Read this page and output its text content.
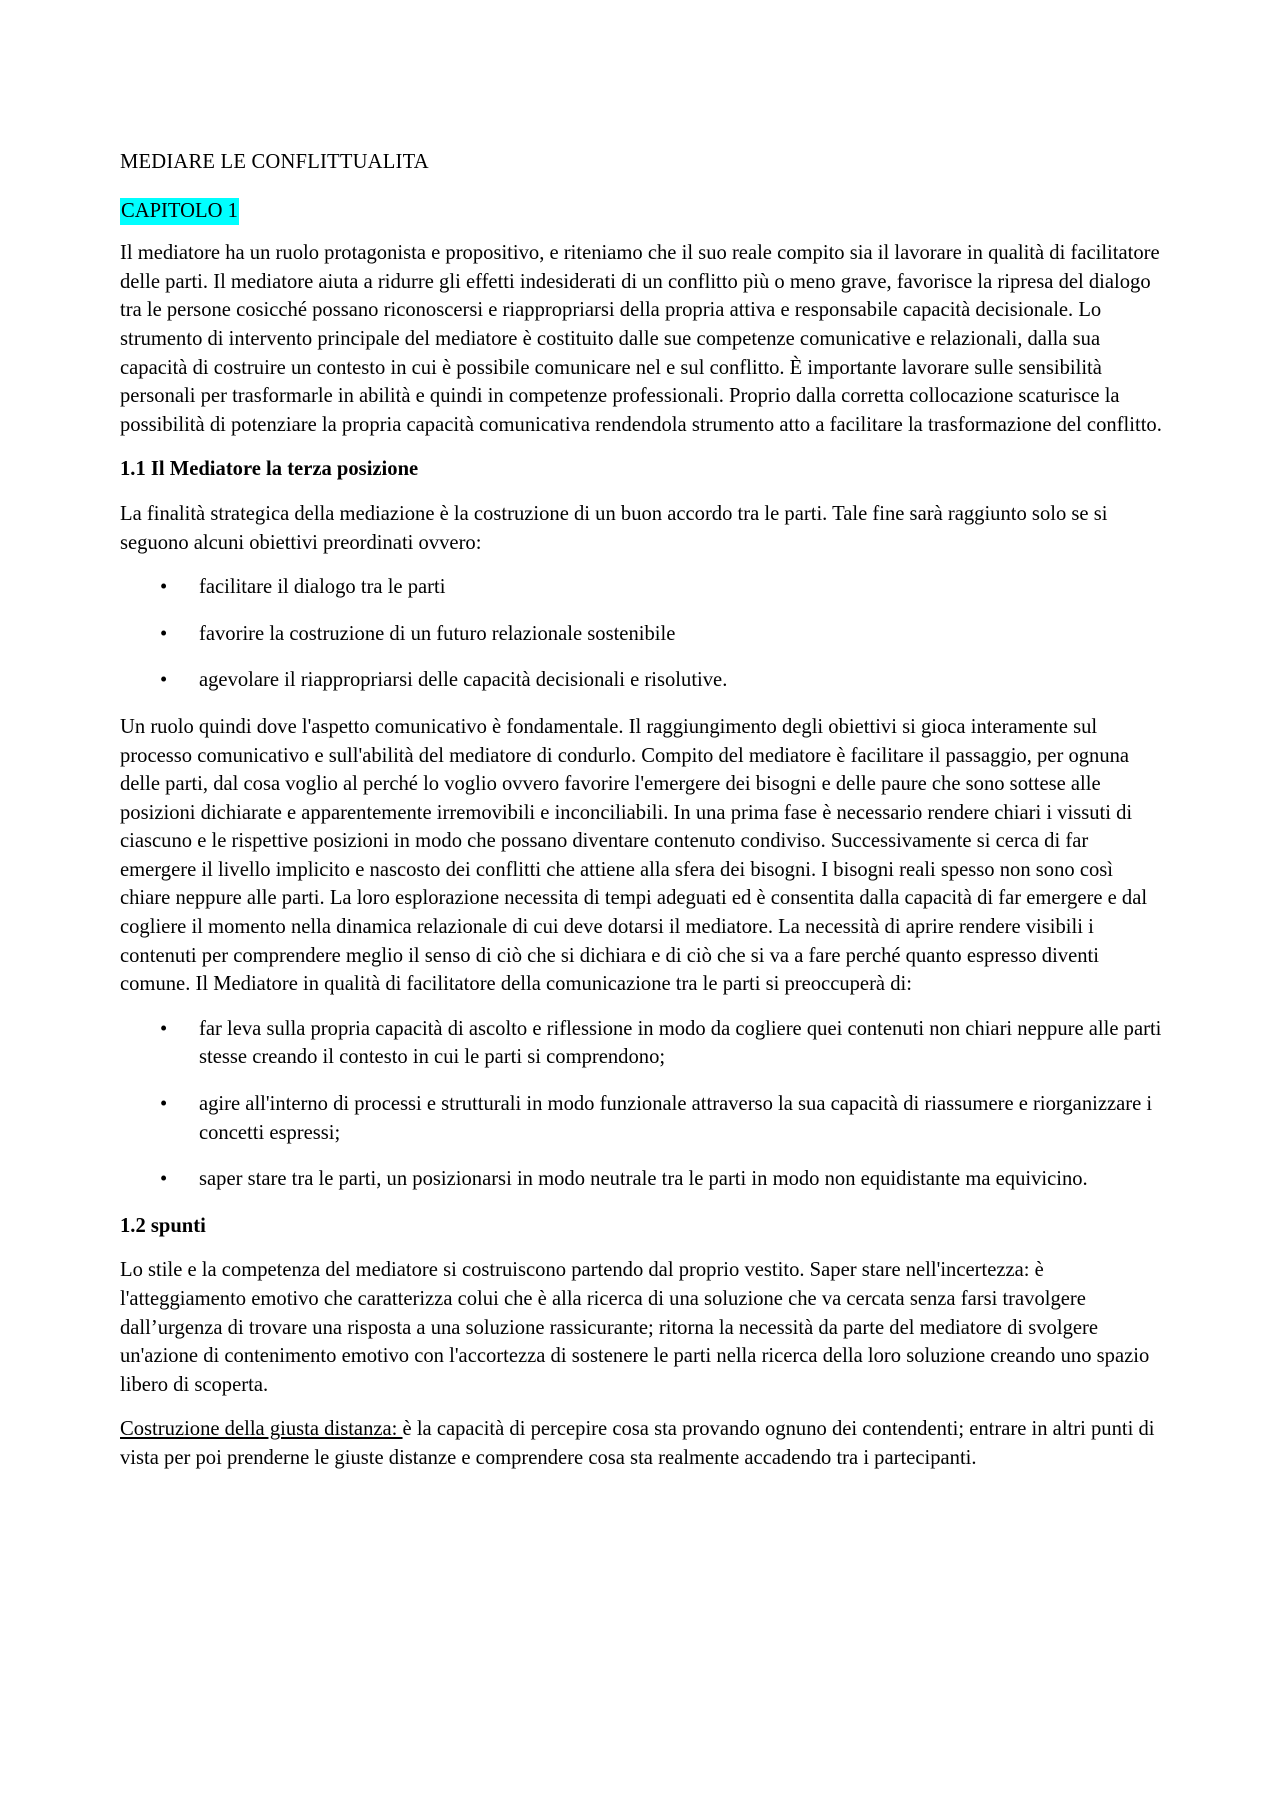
MEDIARE LE CONFLITTUALITA
CAPITOLO 1

Il mediatore ha un ruolo protagonista e propositivo, e riteniamo che il suo reale compito sia il lavorare in qualità di facilitatore delle parti. Il mediatore aiuta a ridurre gli effetti indesiderati di un conflitto più o meno grave, favorisce la ripresa del dialogo tra le persone cosicché possano riconoscersi e riappropriarsi della propria attiva e responsabile capacità decisionale. Lo strumento di intervento principale del mediatore è costituito dalle sue competenze comunicative e relazionali, dalla sua capacità di costruire un contesto in cui è possibile comunicare nel e sul conflitto. È importante lavorare sulle sensibilità personali per trasformarle in abilità e quindi in competenze professionali. Proprio dalla corretta collocazione scaturisce la possibilità di potenziare la propria capacità comunicativa rendendola strumento atto a facilitare la trasformazione del conflitto.

1.1 Il Mediatore la terza posizione

La finalità strategica della mediazione è la costruzione di un buon accordo tra le parti. Tale fine sarà raggiunto solo se si seguono alcuni obiettivi preordinati ovvero:

• facilitare il dialogo tra le parti
• favorire la costruzione di un futuro relazionale sostenibile
• agevolare il riappropriarsi delle capacità decisionali e risolutive.

Un ruolo quindi dove l'aspetto comunicativo è fondamentale. Il raggiungimento degli obiettivi si gioca interamente sul processo comunicativo e sull'abilità del mediatore di condurlo. Compito del mediatore è facilitare il passaggio, per ognuna delle parti, dal cosa voglio al perché lo voglio ovvero favorire l'emergere dei bisogni e delle paure che sono sottese alle posizioni dichiarate e apparentemente irremovibili e inconciliabili. In una prima fase è necessario rendere chiari i vissuti di ciascuno e le rispettive posizioni in modo che possano diventare contenuto condiviso. Successivamente si cerca di far emergere il livello implicito e nascosto dei conflitti che attiene alla sfera dei bisogni. I bisogni reali spesso non sono così chiare neppure alle parti. La loro esplorazione necessita di tempi adeguati ed è consentita dalla capacità di far emergere e dal cogliere il momento nella dinamica relazionale di cui deve dotarsi il mediatore. La necessità di aprire rendere visibili i contenuti per comprendere meglio il senso di ciò che si dichiara e di ciò che si va a fare perché quanto espresso diventi comune. Il Mediatore in qualità di facilitatore della comunicazione tra le parti si preoccuperà di:

• far leva sulla propria capacità di ascolto e riflessione in modo da cogliere quei contenuti non chiari neppure alle parti stesse creando il contesto in cui le parti si comprendono;
• agire all'interno di processi e strutturali in modo funzionale attraverso la sua capacità di riassumere e riorganizzare i concetti espressi;
• saper stare tra le parti, un posizionarsi in modo neutrale tra le parti in modo non equidistante ma equivicino.
1.2 spunti

Lo stile e la competenza del mediatore si costruiscono partendo dal proprio vestito. Saper stare nell'incertezza: è l'atteggiamento emotivo che caratterizza colui che è alla ricerca di una soluzione che va cercata senza farsi travolgere dall’urgenza di trovare una risposta a una soluzione rassicurante; ritorna la necessità da parte del mediatore di svolgere un'azione di contenimento emotivo con l'accortezza di sostenere le parti nella ricerca della loro soluzione creando uno spazio libero di scoperta.

Costruzione della giusta distanza: è la capacità di percepire cosa sta provando ognuno dei contendenti; entrare in altri punti di vista per poi prenderne le giuste distanze e comprendere cosa sta realmente accadendo tra i partecipanti.
